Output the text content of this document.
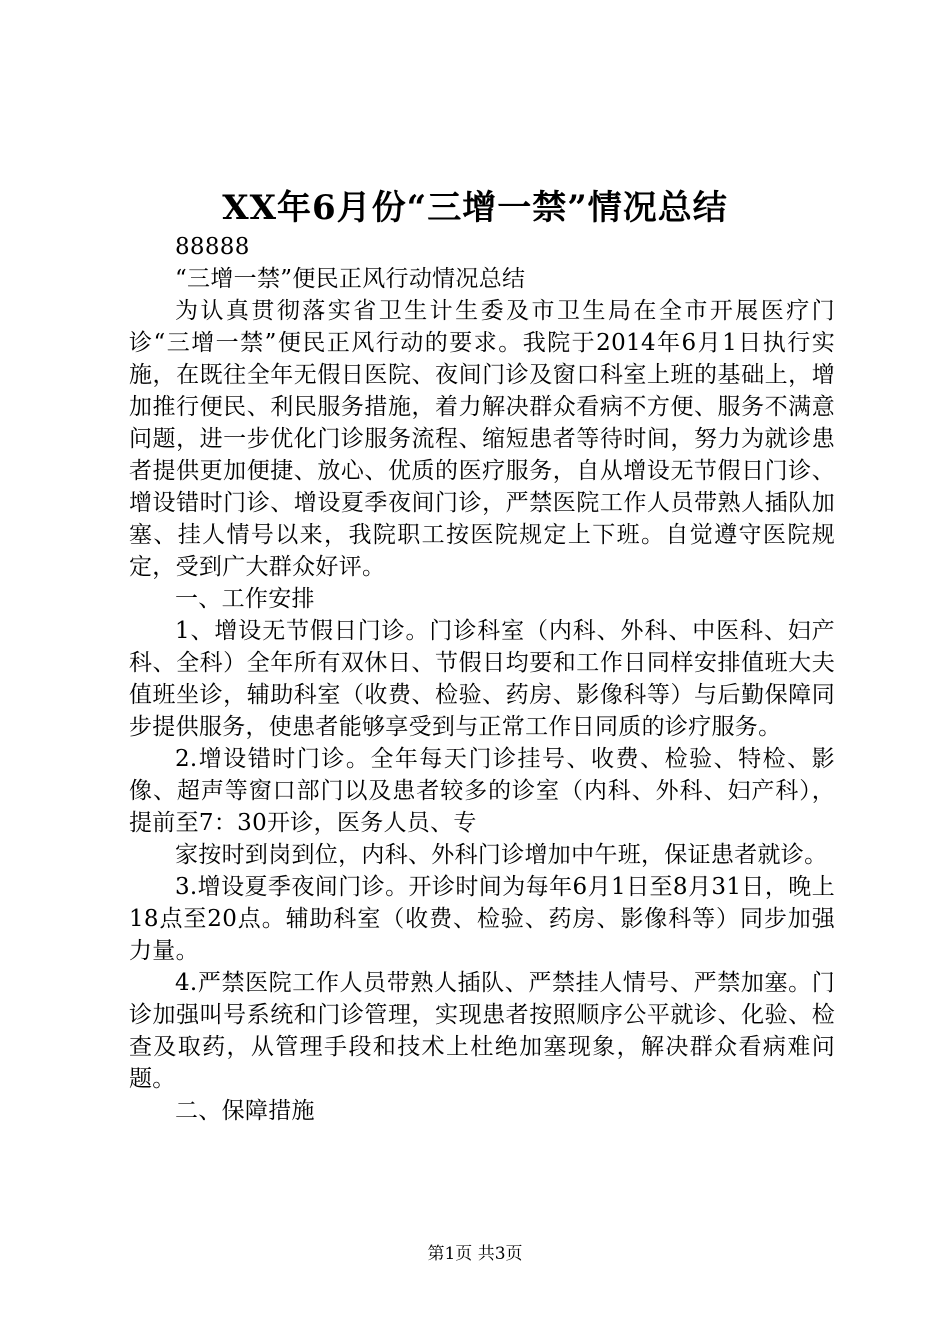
XX年6月份“三增一禁”情况总结

88888

“三增一禁”便民正风行动情况总结

为认真贯彻落实省卫生计生委及市卫生局在全市开展医疗门诊“三增一禁”便民正风行动的要求。我院于2014年6月1日执行实施，在既往全年无假日医院、夜间门诊及窗口科室上班的基础上，增加推行便民、利民服务措施，着力解决群众看病不方便、服务不满意问题，进一步优化门诊服务流程、缩短患者等待时间，努力为就诊患者提供更加便捷、放心、优质的医疗服务，自从增设无节假日门诊、增设错时门诊、增设夏季夜间门诊，严禁医院工作人员带熟人插队加塞、挂人情号以来，我院职工按医院规定上下班。自觉遵守医院规定，受到广大群众好评。

一、工作安排

1、增设无节假日门诊。门诊科室（内科、外科、中医科、妇产科、全科）全年所有双休日、节假日均要和工作日同样安排值班大夫值班坐诊，辅助科室（收费、检验、药房、影像科等）与后勤保障同步提供服务，使患者能够享受到与正常工作日同质的诊疗服务。

2.增设错时门诊。全年每天门诊挂号、收费、检验、特检、影像、超声等窗口部门以及患者较多的诊室（内科、外科、妇产科），提前至7：30开诊，医务人员、专

家按时到岗到位，内科、外科门诊增加中午班，保证患者就诊。

3.增设夏季夜间门诊。开诊时间为每年6月1日至8月31日，晚上18点至20点。辅助科室（收费、检验、药房、影像科等）同步加强力量。

4.严禁医院工作人员带熟人插队、严禁挂人情号、严禁加塞。门诊加强叫号系统和门诊管理，实现患者按照顺序公平就诊、化验、检查及取药，从管理手段和技术上杜绝加塞现象，解决群众看病难问题。

二、保障措施

第1页 共3页
